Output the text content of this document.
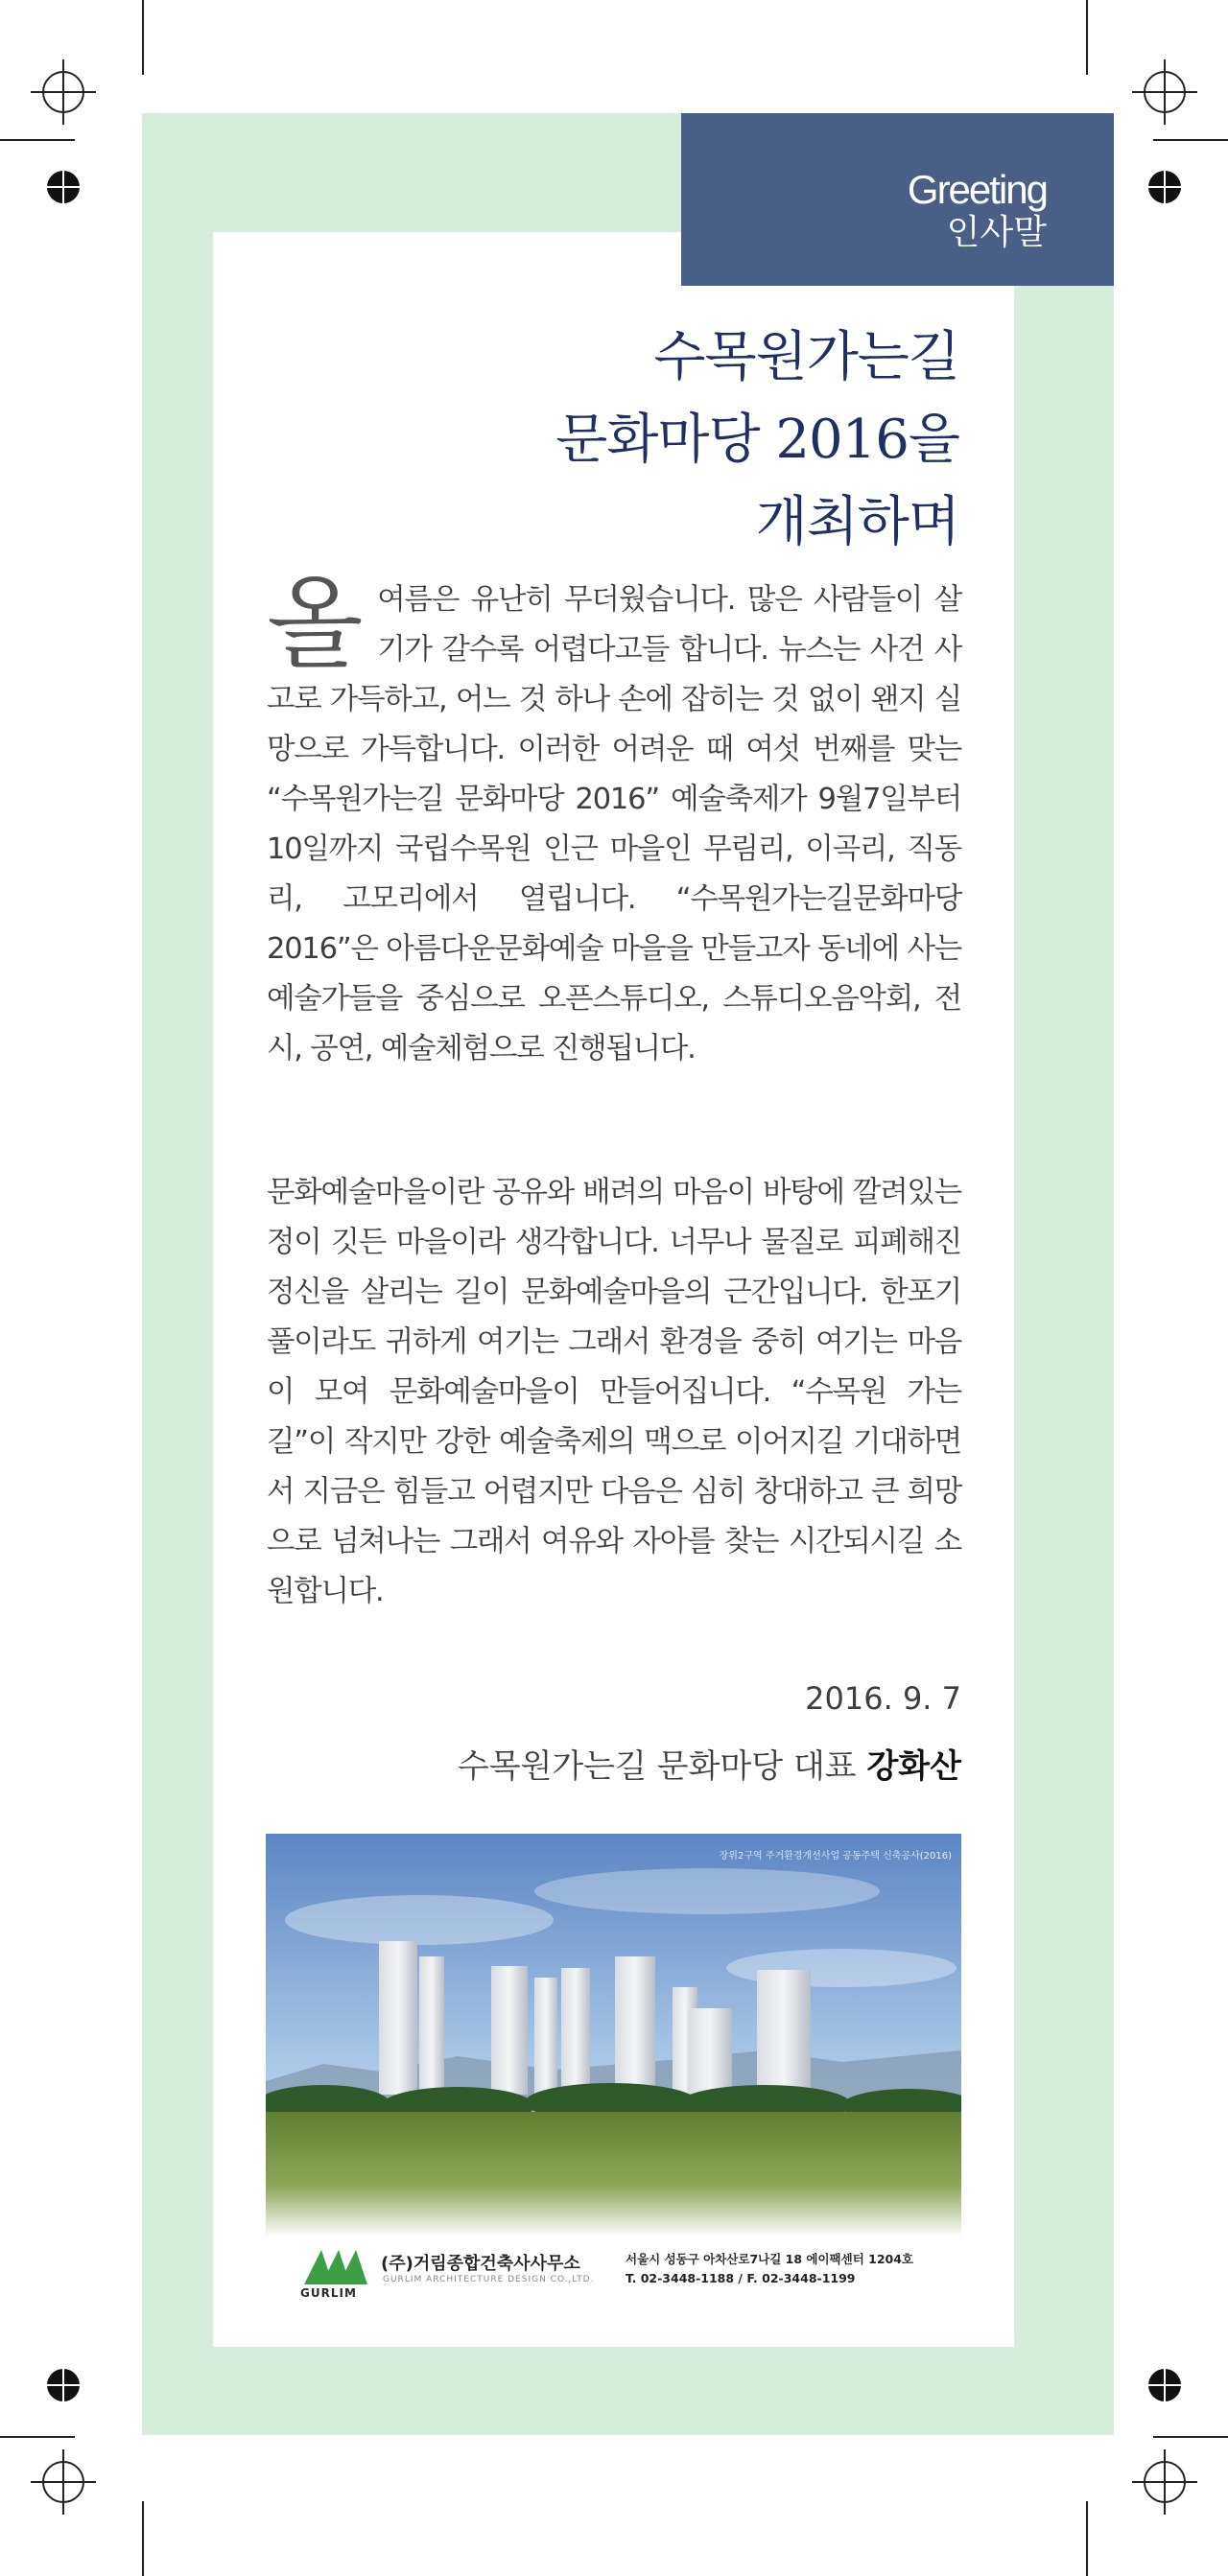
Greeting
인사말
수목원가는길
문화마당 2016을
개최하며
올 여름은 유난히 무더웠습니다. 많은 사람들이 살기가 갈수록 어렵다고들 합니다. 뉴스는 사건 사고로 가득하고, 어느 것 하나 손에 잡히는 것 없이 왠지 실망으로 가득합니다. 이러한 어려운 때 여섯 번째를 맞는 “수목원가는길 문화마당 2016” 예술축제가 9월7일부터 10일까지 국립수목원 인근 마을인 무림리, 이곡리, 직동리, 고모리에서 열립니다. “수목원가는길문화마당 2016”은 아름다운문화예술 마을을 만들고자 동네에 사는 예술가들을 중심으로 오픈스튜디오, 스튜디오음악회, 전시, 공연, 예술체험으로 진행됩니다.
문화예술마을이란 공유와 배려의 마음이 바탕에 깔려있는 정이 깃든 마을이라 생각합니다. 너무나 물질로 피폐해진 정신을 살리는 길이 문화예술마을의 근간입니다. 한포기 풀이라도 귀하게 여기는 그래서 환경을 중히 여기는 마음이 모여 문화예술마을이 만들어집니다. “수목원 가는 길”이 작지만 강한 예술축제의 맥으로 이어지길 기대하면서 지금은 힘들고 어렵지만 다음은 심히 창대하고 큰 희망으로 넘쳐나는 그래서 여유와 자아를 찾는 시간되시길 소원합니다.
2016. 9. 7
수목원가는길 문화마당 대표 강화산
장위2구역 주거환경개선사업 공동주택 신축공사(2016)
GURLIM
(주)거림종합건축사사무소
GURLIM ARCHITECTURE DESIGN CO.,LTD.
서울시 성동구 아차산로7나길 18 에이팩센터 1204호
T. 02-3448-1188 / F. 02-3448-1199
